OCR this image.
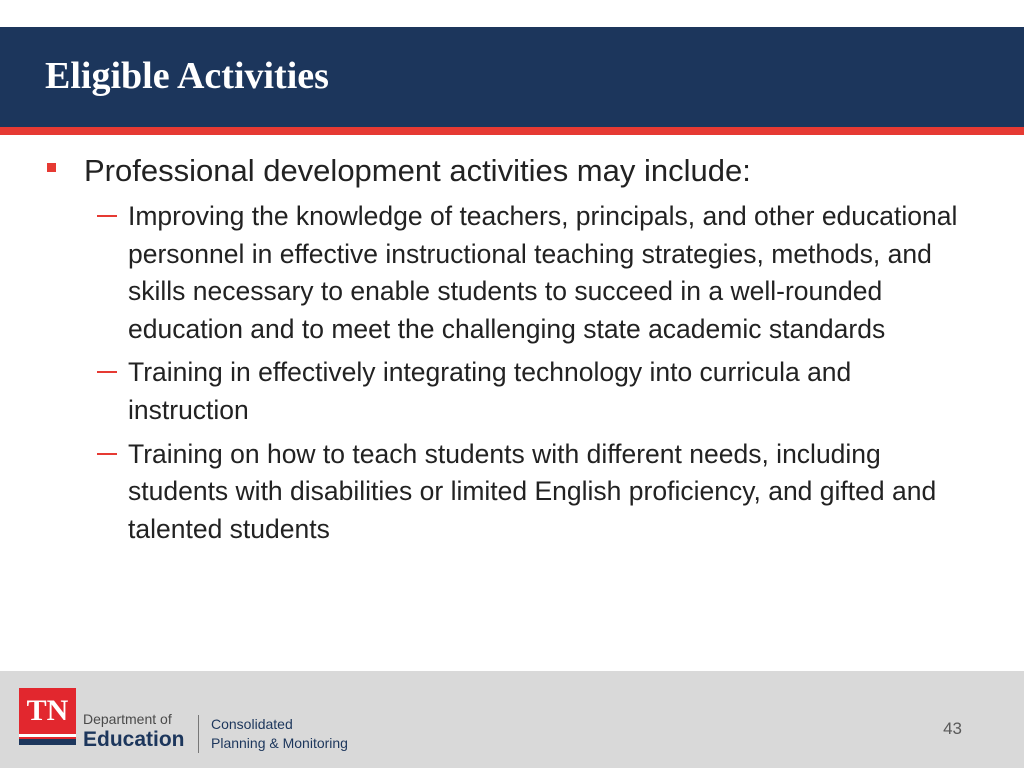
Eligible Activities

Professional development activities may include:

Improving the knowledge of teachers, principals, and other educational personnel in effective instructional teaching strategies, methods, and skills necessary to enable students to succeed in a well-rounded education and to meet the challenging state academic standards

Training in effectively integrating technology into curricula and instruction

Training on how to teach students with different needs, including students with disabilities or limited English proficiency, and gifted and talented students

TN	Department of
Education
Consolidated
Planning & Monitoring
43
